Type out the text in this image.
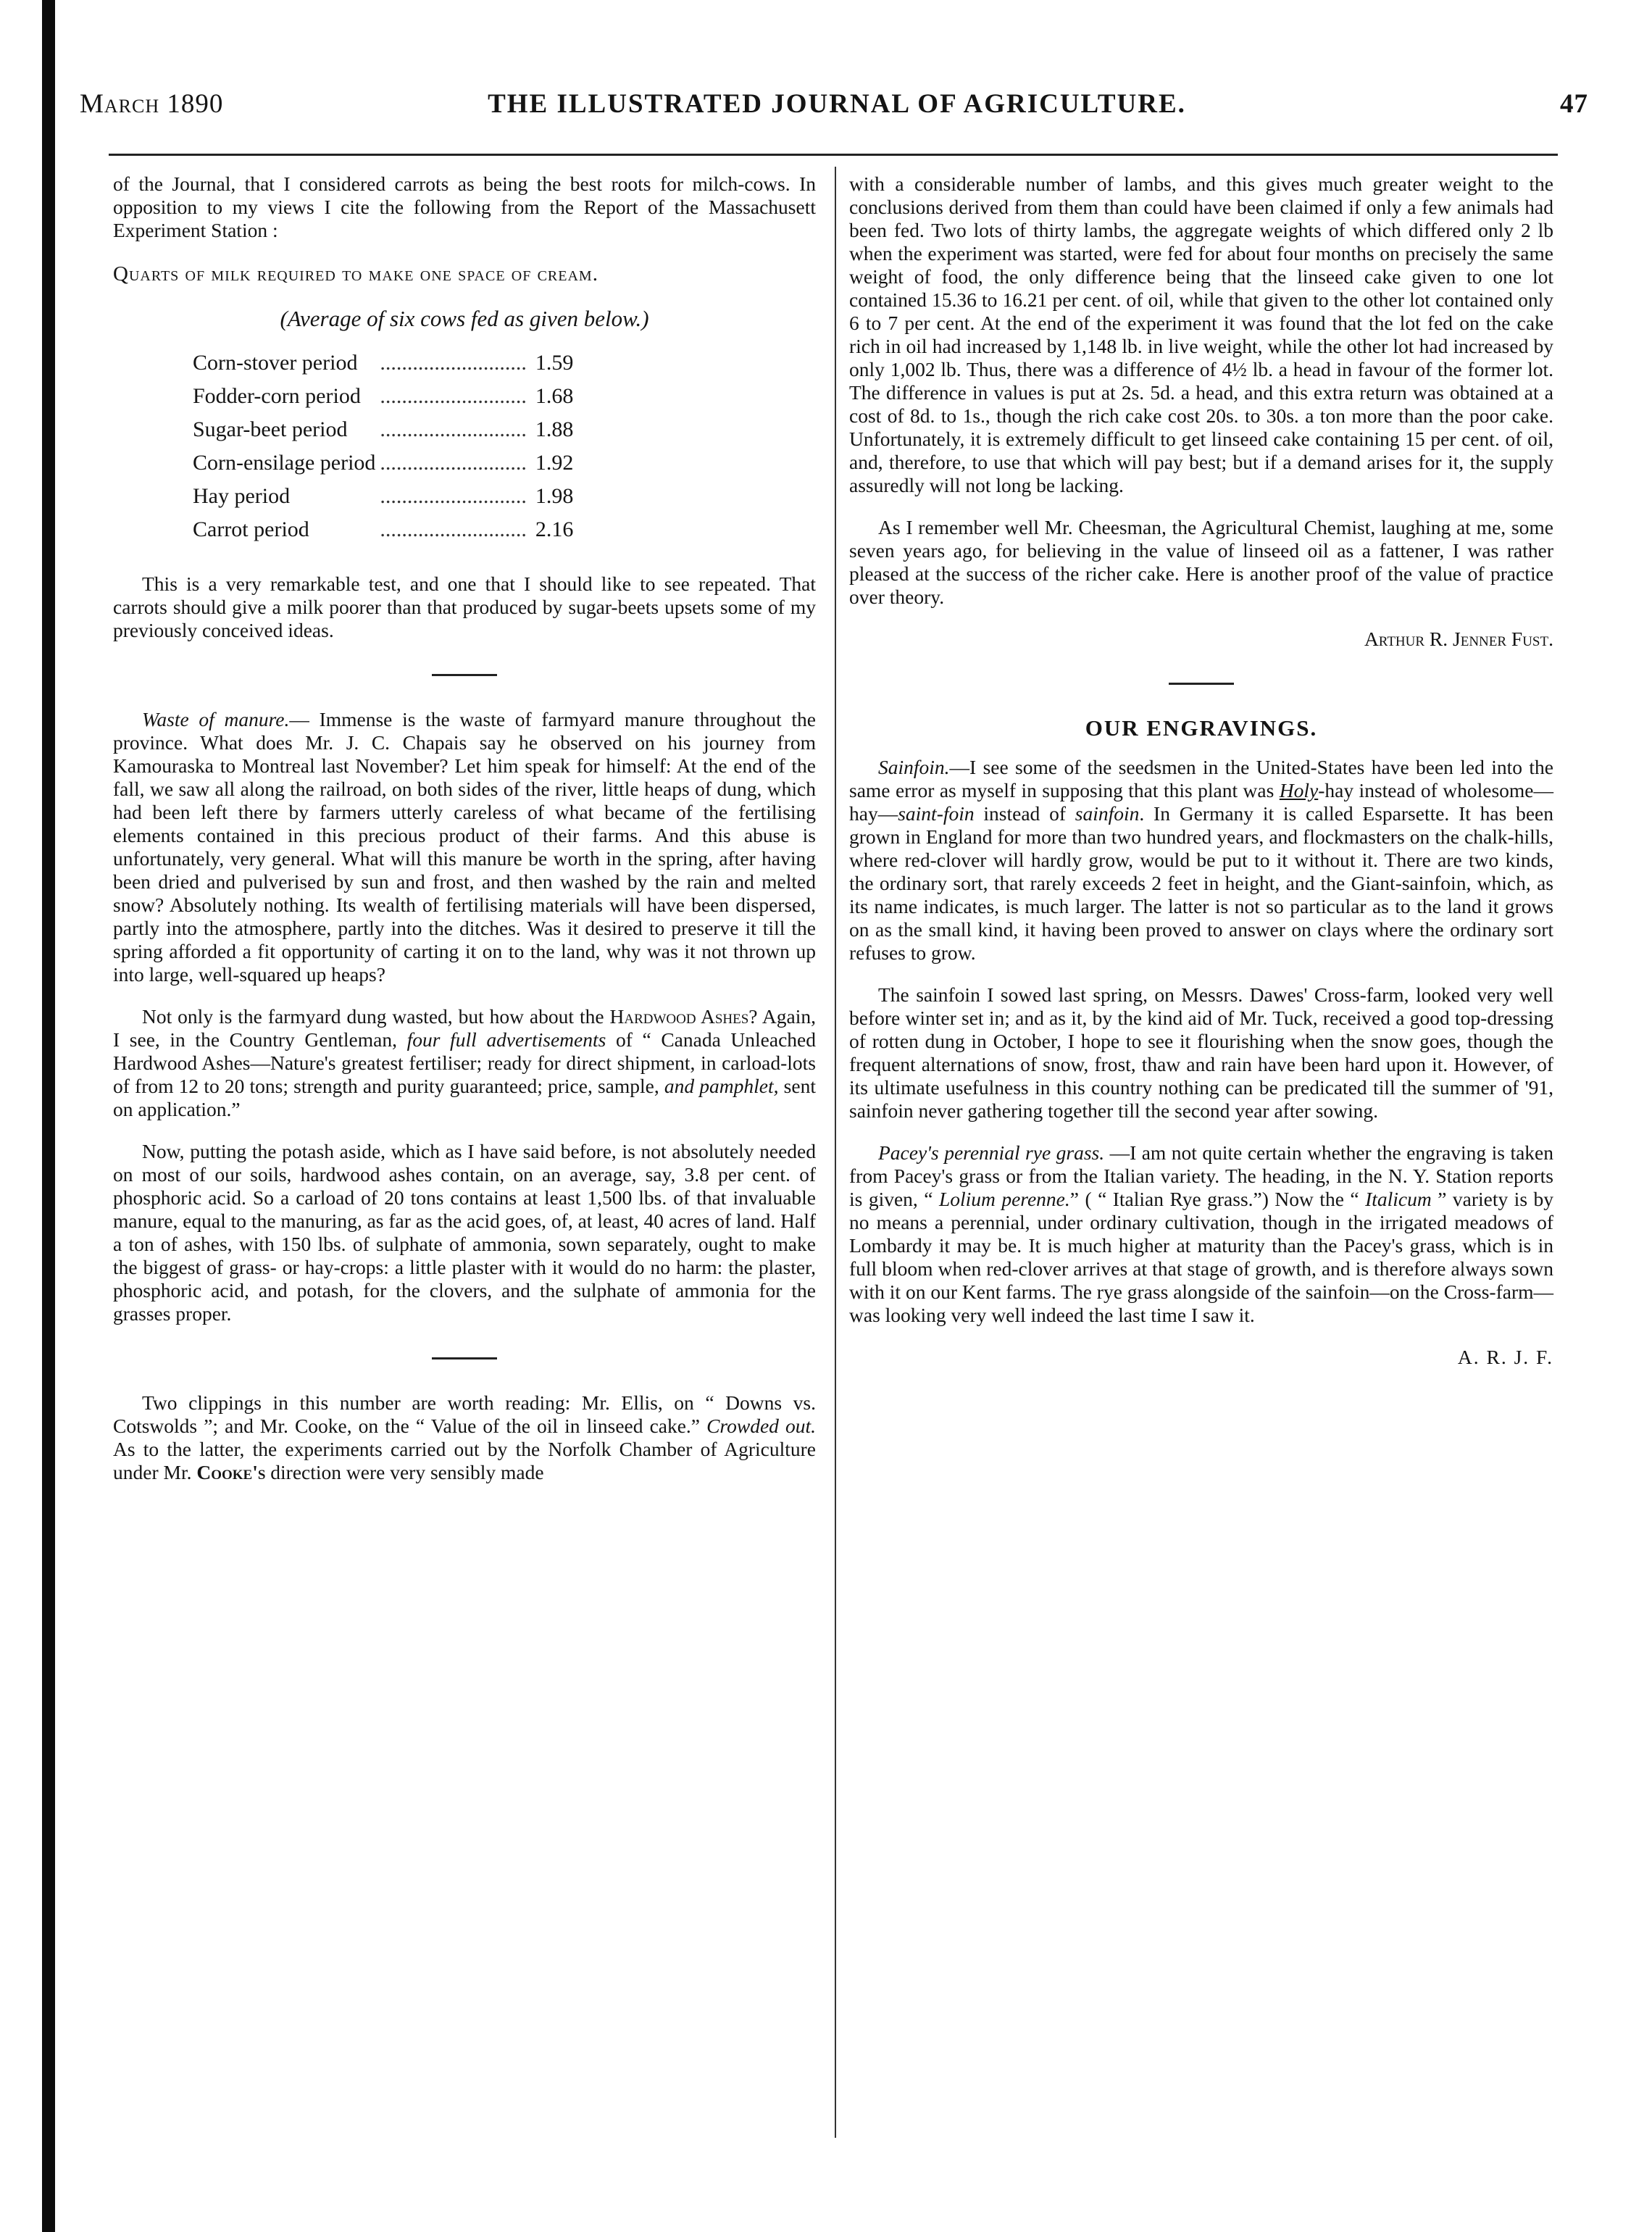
March 1890	THE ILLUSTRATED JOURNAL OF AGRICULTURE.	47

of the Journal, that I considered carrots as being the best roots for milch-cows. In opposition to my views I cite the following from the Report of the Massachusett Experiment Station :

Quarts of milk required to make one space of cream.
(Average of six cows fed as given below.)
Corn-stover period	...........................	1.59
Fodder-corn period	...........................	1.68
Sugar-beet period	...........................	1.88
Corn-ensilage period	...........................	1.92
Hay period	...........................	1.98
Carrot period	...........................	2.16

This is a very remarkable test, and one that I should like to see repeated. That carrots should give a milk poorer than that produced by sugar-beets upsets some of my previously conceived ideas.

Waste of manure.— Immense is the waste of farmyard manure throughout the province. What does Mr. J. C. Chapais say he observed on his journey from Kamouraska to Montreal last November? Let him speak for himself: At the end of the fall, we saw all along the railroad, on both sides of the river, little heaps of dung, which had been left there by farmers utterly careless of what became of the fertilising elements contained in this precious product of their farms. And this abuse is unfortunately, very general. What will this manure be worth in the spring, after having been dried and pulverised by sun and frost, and then washed by the rain and melted snow? Absolutely nothing. Its wealth of fertilising materials will have been dispersed, partly into the atmosphere, partly into the ditches. Was it desired to preserve it till the spring afforded a fit opportunity of carting it on to the land, why was it not thrown up into large, well-squared up heaps?

Not only is the farmyard dung wasted, but how about the Hardwood Ashes? Again, I see, in the Country Gentleman, four full advertisements of “ Canada Unleached Hardwood Ashes—Nature's greatest fertiliser; ready for direct shipment, in carload-lots of from 12 to 20 tons; strength and purity guaranteed; price, sample, and pamphlet, sent on application.”

Now, putting the potash aside, which as I have said before, is not absolutely needed on most of our soils, hardwood ashes contain, on an average, say, 3.8 per cent. of phosphoric acid. So a carload of 20 tons contains at least 1,500 lbs. of that invaluable manure, equal to the manuring, as far as the acid goes, of, at least, 40 acres of land. Half a ton of ashes, with 150 lbs. of sulphate of ammonia, sown separately, ought to make the biggest of grass- or hay-crops: a little plaster with it would do no harm: the plaster, phosphoric acid, and potash, for the clovers, and the sulphate of ammonia for the grasses proper.

Two clippings in this number are worth reading: Mr. Ellis, on “ Downs vs. Cotswolds ”; and Mr. Cooke, on the “ Value of the oil in linseed cake.” Crowded out. As to the latter, the experiments carried out by the Norfolk Chamber of Agriculture under Mr. Cooke's direction were very sensibly made

with a considerable number of lambs, and this gives much greater weight to the conclusions derived from them than could have been claimed if only a few animals had been fed. Two lots of thirty lambs, the aggregate weights of which differed only 2 lb when the experiment was started, were fed for about four months on precisely the same weight of food, the only difference being that the linseed cake given to one lot contained 15.36 to 16.21 per cent. of oil, while that given to the other lot contained only 6 to 7 per cent. At the end of the experiment it was found that the lot fed on the cake rich in oil had increased by 1,148 lb. in live weight, while the other lot had increased by only 1,002 lb. Thus, there was a difference of 4½ lb. a head in favour of the former lot. The difference in values is put at 2s. 5d. a head, and this extra return was obtained at a cost of 8d. to 1s., though the rich cake cost 20s. to 30s. a ton more than the poor cake. Unfortunately, it is extremely difficult to get linseed cake containing 15 per cent. of oil, and, therefore, to use that which will pay best; but if a demand arises for it, the supply assuredly will not long be lacking.

As I remember well Mr. Cheesman, the Agricultural Chemist, laughing at me, some seven years ago, for believing in the value of linseed oil as a fattener, I was rather pleased at the success of the richer cake. Here is another proof of the value of practice over theory.

Arthur R. Jenner Fust.

OUR ENGRAVINGS.

Sainfoin.—I see some of the seedsmen in the United-States have been led into the same error as myself in supposing that this plant was Holy-hay instead of wholesome—hay—saint-foin instead of sainfoin. In Germany it is called Esparsette. It has been grown in England for more than two hundred years, and flockmasters on the chalk-hills, where red-clover will hardly grow, would be put to it without it. There are two kinds, the ordinary sort, that rarely exceeds 2 feet in height, and the Giant-sainfoin, which, as its name indicates, is much larger. The latter is not so particular as to the land it grows on as the small kind, it having been proved to answer on clays where the ordinary sort refuses to grow.

The sainfoin I sowed last spring, on Messrs. Dawes' Cross-farm, looked very well before winter set in; and as it, by the kind aid of Mr. Tuck, received a good top-dressing of rotten dung in October, I hope to see it flourishing when the snow goes, though the frequent alternations of snow, frost, thaw and rain have been hard upon it. However, of its ultimate usefulness in this country nothing can be predicated till the summer of '91, sainfoin never gathering together till the second year after sowing.

Pacey's perennial rye grass. —I am not quite certain whether the engraving is taken from Pacey's grass or from the Italian variety. The heading, in the N. Y. Station reports is given, “ Lolium perenne.” ( “ Italian Rye grass.”) Now the “ Italicum ” variety is by no means a perennial, under ordinary cultivation, though in the irrigated meadows of Lombardy it may be. It is much higher at maturity than the Pacey's grass, which is in full bloom when red-clover arrives at that stage of growth, and is therefore always sown with it on our Kent farms. The rye grass alongside of the sainfoin—on the Cross-farm—was looking very well indeed the last time I saw it.

A. R. J. F.
